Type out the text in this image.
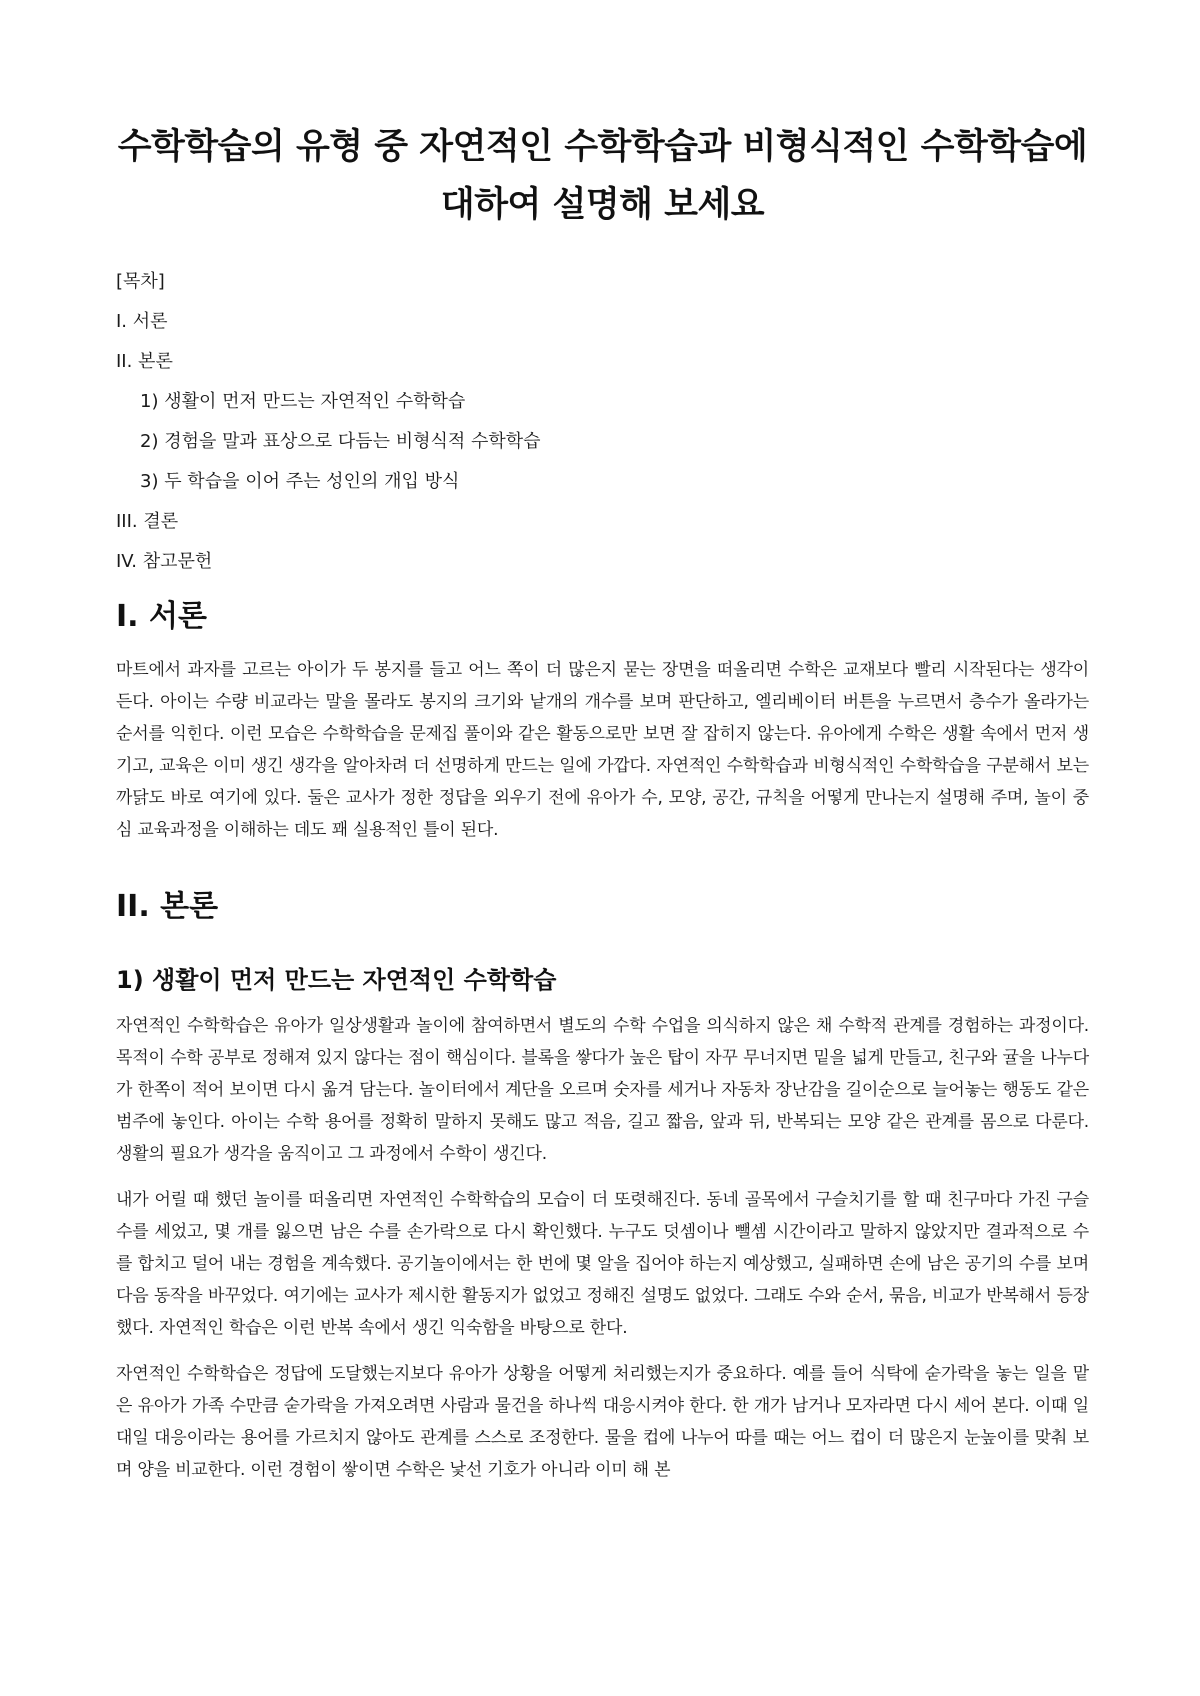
수학학습의 유형 중 자연적인 수학학습과 비형식적인 수학학습에 대하여 설명해 보세요
[목차]
I. 서론
II. 본론
1) 생활이 먼저 만드는 자연적인 수학학습
2) 경험을 말과 표상으로 다듬는 비형식적 수학학습
3) 두 학습을 이어 주는 성인의 개입 방식
III. 결론
IV. 참고문헌
I. 서론

마트에서 과자를 고르는 아이가 두 봉지를 들고 어느 쪽이 더 많은지 묻는 장면을 떠올리면 수학은 교재보다 빨리 시작된다는 생각이 든다. 아이는 수량 비교라는 말을 몰라도 봉지의 크기와 낱개의 개수를 보며 판단하고, 엘리베이터 버튼을 누르면서 층수가 올라가는 순서를 익힌다. 이런 모습은 수학학습을 문제집 풀이와 같은 활동으로만 보면 잘 잡히지 않는다. 유아에게 수학은 생활 속에서 먼저 생기고, 교육은 이미 생긴 생각을 알아차려 더 선명하게 만드는 일에 가깝다. 자연적인 수학학습과 비형식적인 수학학습을 구분해서 보는 까닭도 바로 여기에 있다. 둘은 교사가 정한 정답을 외우기 전에 유아가 수, 모양, 공간, 규칙을 어떻게 만나는지 설명해 주며, 놀이 중심 교육과정을 이해하는 데도 꽤 실용적인 틀이 된다.

II. 본론
1) 생활이 먼저 만드는 자연적인 수학학습

자연적인 수학학습은 유아가 일상생활과 놀이에 참여하면서 별도의 수학 수업을 의식하지 않은 채 수학적 관계를 경험하는 과정이다. 목적이 수학 공부로 정해져 있지 않다는 점이 핵심이다. 블록을 쌓다가 높은 탑이 자꾸 무너지면 밑을 넓게 만들고, 친구와 귤을 나누다가 한쪽이 적어 보이면 다시 옮겨 담는다. 놀이터에서 계단을 오르며 숫자를 세거나 자동차 장난감을 길이순으로 늘어놓는 행동도 같은 범주에 놓인다. 아이는 수학 용어를 정확히 말하지 못해도 많고 적음, 길고 짧음, 앞과 뒤, 반복되는 모양 같은 관계를 몸으로 다룬다. 생활의 필요가 생각을 움직이고 그 과정에서 수학이 생긴다.

내가 어릴 때 했던 놀이를 떠올리면 자연적인 수학학습의 모습이 더 또렷해진다. 동네 골목에서 구슬치기를 할 때 친구마다 가진 구슬 수를 세었고, 몇 개를 잃으면 남은 수를 손가락으로 다시 확인했다. 누구도 덧셈이나 뺄셈 시간이라고 말하지 않았지만 결과적으로 수를 합치고 덜어 내는 경험을 계속했다. 공기놀이에서는 한 번에 몇 알을 집어야 하는지 예상했고, 실패하면 손에 남은 공기의 수를 보며 다음 동작을 바꾸었다. 여기에는 교사가 제시한 활동지가 없었고 정해진 설명도 없었다. 그래도 수와 순서, 묶음, 비교가 반복해서 등장했다. 자연적인 학습은 이런 반복 속에서 생긴 익숙함을 바탕으로 한다.

자연적인 수학학습은 정답에 도달했는지보다 유아가 상황을 어떻게 처리했는지가 중요하다. 예를 들어 식탁에 숟가락을 놓는 일을 맡은 유아가 가족 수만큼 숟가락을 가져오려면 사람과 물건을 하나씩 대응시켜야 한다. 한 개가 남거나 모자라면 다시 세어 본다. 이때 일대일 대응이라는 용어를 가르치지 않아도 관계를 스스로 조정한다. 물을 컵에 나누어 따를 때는 어느 컵이 더 많은지 눈높이를 맞춰 보며 양을 비교한다. 이런 경험이 쌓이면 수학은 낯선 기호가 아니라 이미 해 본
